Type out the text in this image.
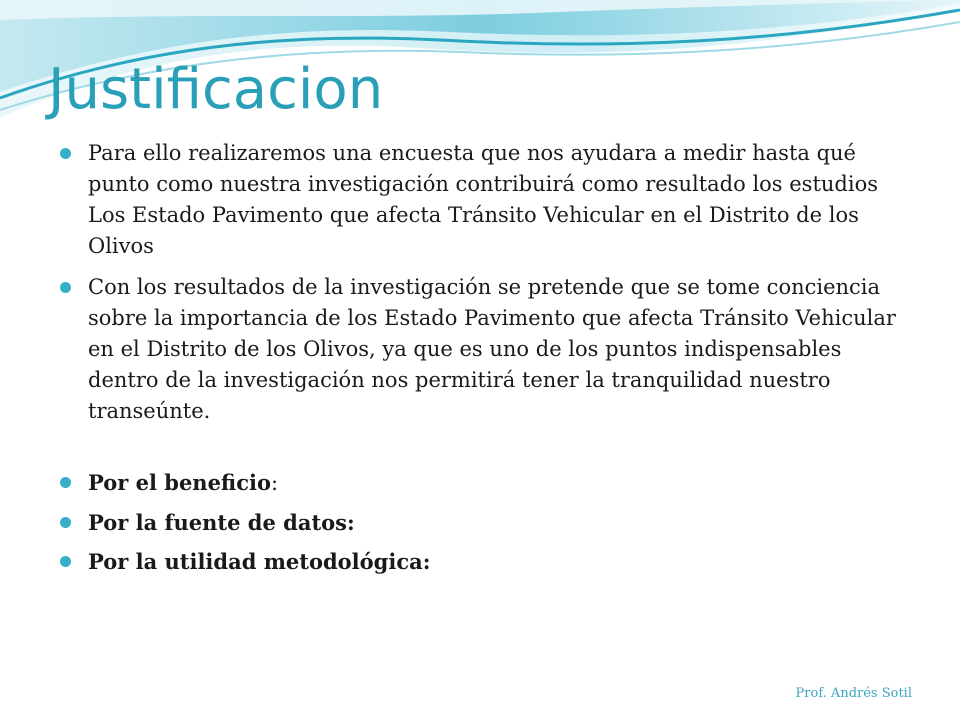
Justificacion
Para ello realizaremos una encuesta que nos ayudara a medir hasta qué punto como nuestra investigación contribuirá como resultado los estudios Los Estado Pavimento que afecta Tránsito Vehicular en el Distrito de los Olivos
Con los resultados de la investigación se pretende que se tome conciencia sobre la importancia de los Estado Pavimento que afecta Tránsito Vehicular en el Distrito de los Olivos, ya que es uno de los puntos indispensables dentro de la investigación nos permitirá tener la tranquilidad nuestro transeúnte.
Por el beneficio:
Por la fuente de datos:
Por la utilidad metodológica:

Prof. Andrés Sotil
